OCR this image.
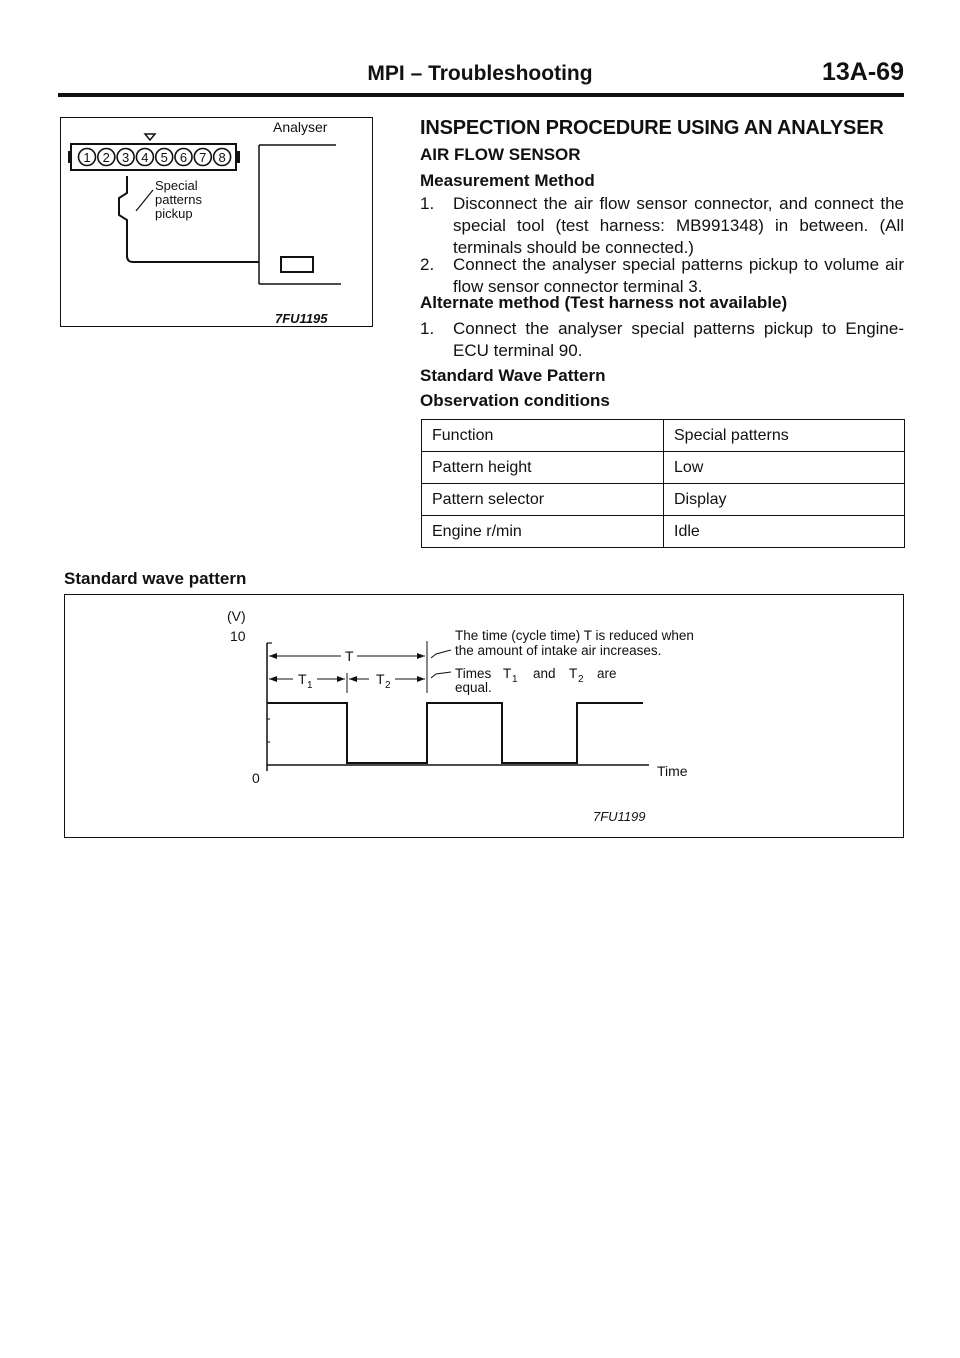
MPI – Troubleshooting	13A-69
1 2 3 4 5 6 7 8
Analyser
Special
patterns
pickup
7FU1195
INSPECTION PROCEDURE USING AN ANALYSER
AIR FLOW SENSOR
Measurement Method
1. Disconnect the air flow sensor connector, and connect the special tool (test harness: MB991348) in between. (All terminals should be connected.)
2. Connect the analyser special patterns pickup to volume air flow sensor connector terminal 3.
Alternate method (Test harness not available)
1. Connect the analyser special patterns pickup to Engine-ECU terminal 90.
Standard Wave Pattern
Observation conditions
Function	Special patterns
Pattern height	Low
Pattern selector	Display
Engine r/min	Idle
Standard wave pattern
(V)
10
0	Time
T
T 1	T 2
The time (cycle time) T is reduced when
the amount of intake air increases.
Times T 1 and T 2 are
equal.
7FU1199
